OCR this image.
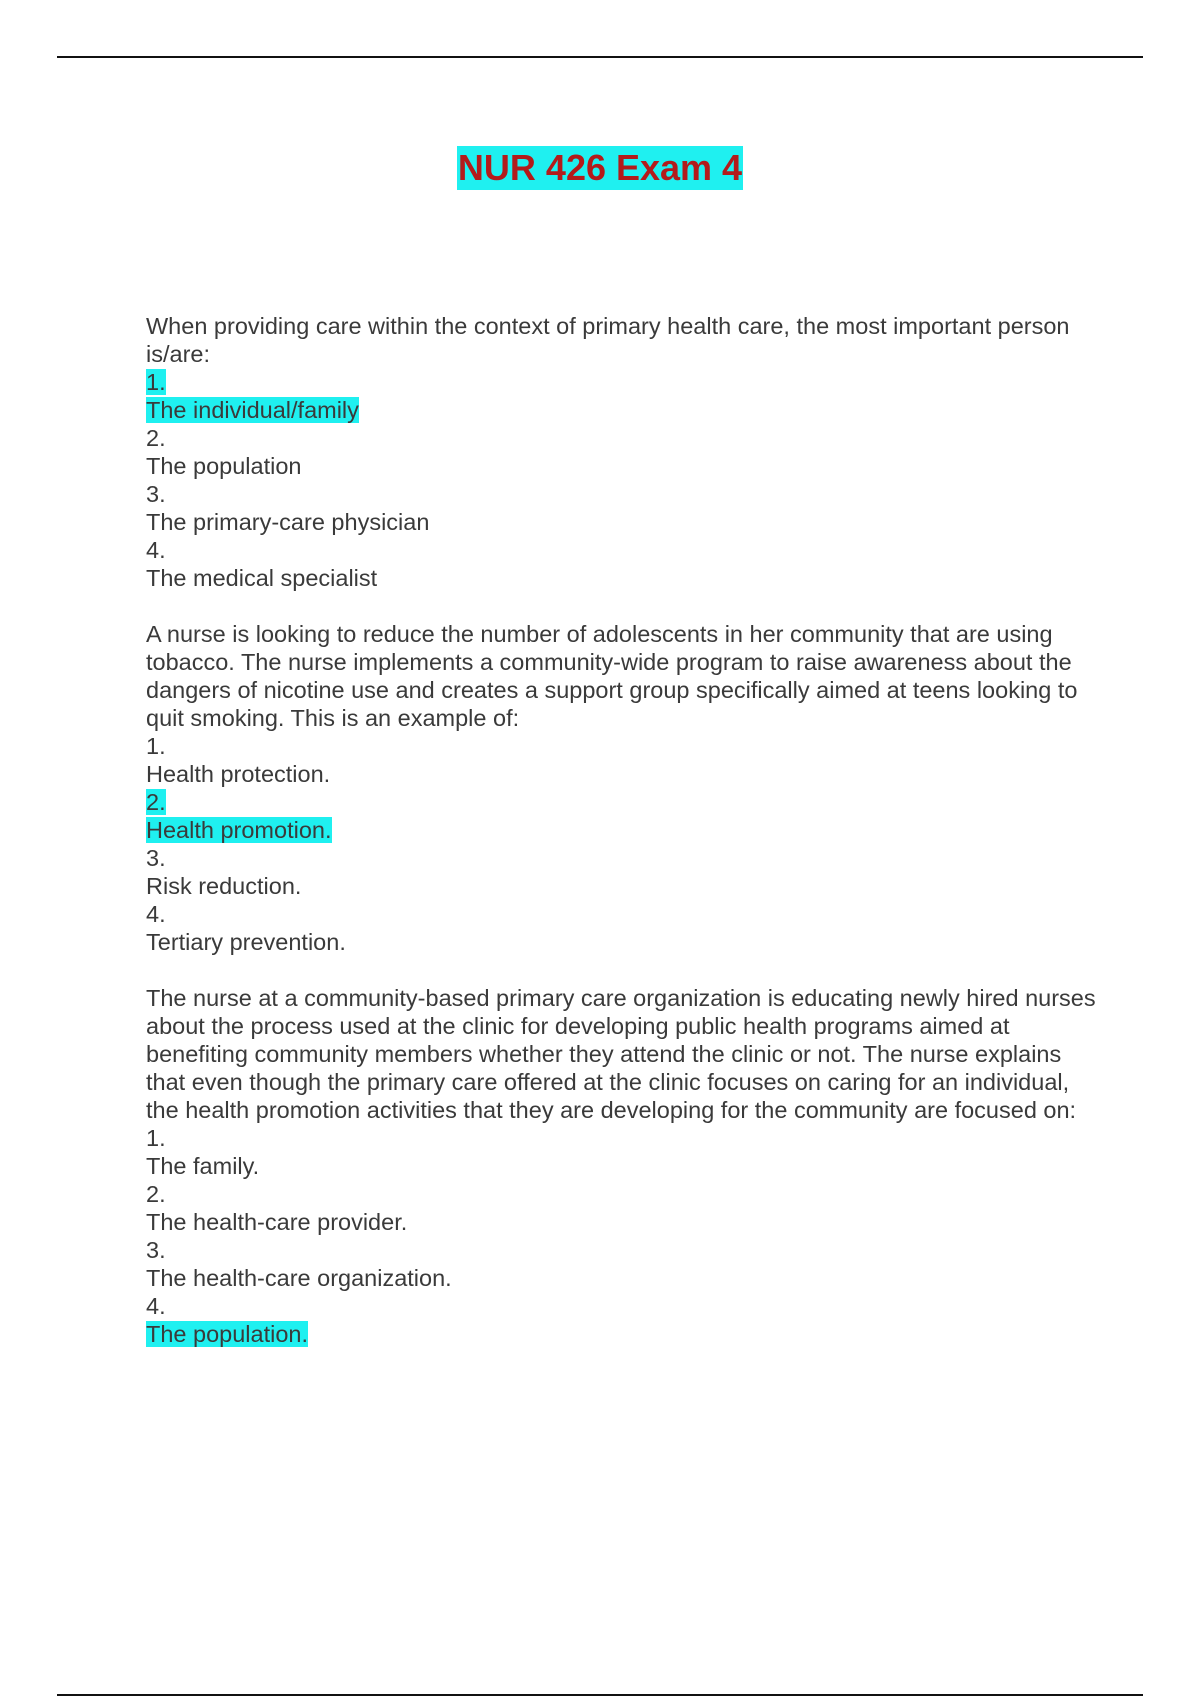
NUR 426 Exam 4
When providing care within the context of primary health care, the most important person is/are:
1.
The individual/family
2.
The population
3.
The primary-care physician
4.
The medical specialist
A nurse is looking to reduce the number of adolescents in her community that are using tobacco. The nurse implements a community-wide program to raise awareness about the dangers of nicotine use and creates a support group specifically aimed at teens looking to quit smoking. This is an example of:
1.
Health protection.
2.
Health promotion.
3.
Risk reduction.
4.
Tertiary prevention.
The nurse at a community-based primary care organization is educating newly hired nurses about the process used at the clinic for developing public health programs aimed at benefiting community members whether they attend the clinic or not. The nurse explains that even though the primary care offered at the clinic focuses on caring for an individual, the health promotion activities that they are developing for the community are focused on:
1.
The family.
2.
The health-care provider.
3.
The health-care organization.
4.
The population.
